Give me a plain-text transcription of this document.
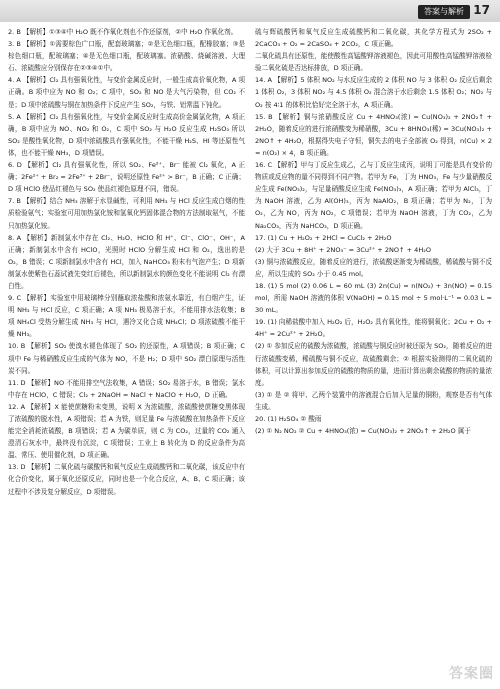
答案与解析 17

2. B 【解析】①③④中 H₂O 既不作氧化剂也不作还原剂，②中 H₂O 作氧化剂。

3. B 【解析】①需要棕色广口瓶，配套玻璃塞；②是无色细口瓶，配橡胶塞；③是棕色细口瓶，配玻璃塞；④是无色细口瓶，配玻璃塞。浓硝酸、烧碱溶液、大理石、浓硫酸应分别保存在②③④①中。

4. A 【解析】Cl₂ 具有强氧化性，与变价金属反应时，一般生成高价氧化物，A 项正确。B 项中应为 NO 和 O₂；C 项中，SO₂ 和 NO 是大气污染物，但 CO₂ 不是；D 项中浓硫酸与铜在加热条件下反应产生 SO₂，与铁、铝常温下钝化。

5. A 【解析】Cl₂ 具有强氧化性，与变价金属反应时生成高价金属氯化物，A 项正确，B 项中应为 NO、NO₂ 和 O₂，C 项中 SO₂ 与 H₂O 反应生成 H₂SO₃ 所以 SO₂ 是酸性氧化物，D 项中浓硫酸具有强氧化性，不能干燥 H₂S、HI 等还原性气体，也不能干燥 NH₃，D 项错误。

6. D 【解析】Cl₂ 具有强氧化性，所以 SO₂、Fe²⁺、Br⁻ 能被 Cl₂ 氧化，A 正确；2Fe²⁺ + Br₂ = 2Fe³⁺ + 2Br⁻，说明还原性 Fe²⁺ > Br⁻，B 正确；C 正确；D 项 HClO 使品红褪色与 SO₂ 使品红褪色原理不同，错误。

7. B 【解析】结合 NH₃ 溶解于水显碱性，可利用 NH₃ 与 HCl 反应生成白烟的性质检验氨气；实验室可用加热氯化铵和氢氧化钙固体混合物的方法制取氨气，不能只加热氯化铵。

8. A 【解析】新制氯水中存在 Cl₂、H₂O、HClO 和 H⁺、Cl⁻、ClO⁻、OH⁻，A 正确；新制氯水中含有 HClO，光照时 HClO 分解生成 HCl 和 O₂，逸出的是 O₂，B 错误；C 项新制氯水中含有 HCl，加入 NaHCO₃ 粉末有气泡产生；D 项新制氯水使紫色石蕊试液先变红后褪色，所以新制氯水的颜色变化不能说明 Cl₂ 有漂白性。

9. C 【解析】实验室中用玻璃棒分别蘸取浓盐酸和浓氨水靠近，有白烟产生，证明 NH₃ 与 HCl 反应，C 项正确；A 项 NH₃ 极易溶于水，不能用排水法收集；B 项 NH₄Cl 受热分解生成 NH₃ 与 HCl，遇冷又化合成 NH₄Cl；D 项浓硫酸不能干燥 NH₃。

10. B 【解析】SO₂ 使溴水褪色体现了 SO₂ 的还原性，A 项错误；B 项正确；C 项中 Fe 与稀硝酸反应生成的气体为 NO，不是 H₂；D 项中 SO₂ 漂白原理与活性炭不同。

11. D 【解析】NO 不能用排空气法收集，A 错误；SO₂ 易溶于水，B 错误；氯水中存在 HClO，C 错误；Cl₂ + 2NaOH = NaCl + NaClO + H₂O，D 正确。

12. A 【解析】X 能使蔗糖粉末变黑，说明 X 为浓硫酸，浓硫酸使蔗糖变黑体现了浓硫酸的脱水性，A 项错误；若 A 为铁，则足量 Fe 与浓硫酸在加热条件下反应能完全消耗浓硫酸，B 项错误；若 A 为碳单质，则 C 为 CO₂，过量的 CO₂ 通入澄清石灰水中，最终没有沉淀，C 项错误；工业上 B 转化为 D 的反应条件为高温、常压、使用催化剂，D 项正确。

13. D 【解析】二氧化硫与碳酸钙和氧气反应生成硫酸钙和二氧化碳，该反应中有化合价变化，属于氧化还原反应，同时也是一个化合反应，A、B、C 项正确；该过程中不涉及复分解反应，D 项错误。

硫与辉硫酸钙和氧气反应生成硫酸钙和二氧化碳，其化学方程式为 2SO₂ + 2CaCO₃ + O₂ = 2CaSO₄ + 2CO₂，C 项正确。

二氧化硫具有还原性，能使酸性高锰酸钾溶液褪色，因此可用酸性高锰酸钾溶液检验二氧化硫是否达标排放，D 项正确。

14. A 【解析】5 体积 NO₂ 与水反应生成的 2 体积 NO 与 3 体积 O₂ 反应后剩余 1 体积 O₂，3 体积 NO₂ 与 4.5 体积 O₂ 混合溶于水后剩余 1.5 体积 O₂；NO₂ 与 O₂ 按 4∶1 的体积比恰好完全溶于水，A 项正确。

15. B 【解析】铜与浓硝酸反应 Cu + 4HNO₃(浓) = Cu(NO₃)₂ + 2NO₂↑ + 2H₂O，随着反应的进行浓硝酸变为稀硝酸，3Cu + 8HNO₃(稀) = 3Cu(NO₃)₂ + 2NO↑ + 4H₂O，根据得失电子守恒，铜失去的电子全部被 O₂ 得到，n(Cu) × 2 = n(O₂) × 4，B 项正确。

16. C 【解析】甲与丁反应生成乙，乙与丁反应生成丙，说明丁可能是具有变价的物质或反应物的量不同得到不同产物。若甲为 Fe，丁为 HNO₃，Fe 与少量硝酸反应生成 Fe(NO₃)₂，与足量硝酸反应生成 Fe(NO₃)₃，A 项正确；若甲为 AlCl₃，丁为 NaOH 溶液，乙为 Al(OH)₃，丙为 NaAlO₂，B 项正确；若甲为 N₂，丁为 O₂，乙为 NO，丙为 NO₂，C 项错误；若甲为 NaOH 溶液，丁为 CO₂，乙为 Na₂CO₃，丙为 NaHCO₃，D 项正确。

17. (1) Cu + H₂O₂ + 2HCl = CuCl₂ + 2H₂O

(2) 大于 3Cu + 8H⁺ + 2NO₃⁻ = 3Cu²⁺ + 2NO↑ + 4H₂O

(3) 铜与浓硫酸反应，随着反应的进行，浓硫酸逐渐变为稀硫酸，稀硫酸与铜不反应，所以生成的 SO₂ 小于 0.45 mol。

18. (1) 5 mol (2) 0.06 L = 60 mL (3) 2n(Cu) = n(NO₂) + 3n(NO) = 0.15 mol，所需 NaOH 溶液的体积 V(NaOH) = 0.15 mol ÷ 5 mol·L⁻¹ = 0.03 L = 30 mL。

19. (1) 向稀盐酸中加入 H₂O₂ 后，H₂O₂ 具有氧化性，能将铜氧化；2Cu + O₂ + 4H⁺ = 2Cu²⁺ + 2H₂O。

(2) ① 参加反应的硫酸为浓硫酸，浓硫酸与铜反应时被还原为 SO₂，随着反应的进行浓硫酸变稀，稀硫酸与铜不反应，故硫酸剩余；② 根据实验测得的二氧化硫的体积，可以计算出参加反应的硫酸的物质的量，进而计算出剩余硫酸的物质的量浓度。

(3) ① 是 ② 将甲、乙两个装置中的溶液混合后加入足量的铜粉，观察是否有气体生成。

20. (1) H₂SO₄ ② 酸雨

(2) ① N₂ NO₂ ② Cu + 4HNO₃(浓) = Cu(NO₃)₂ + 2NO₂↑ + 2H₂O 属于

答案圈
